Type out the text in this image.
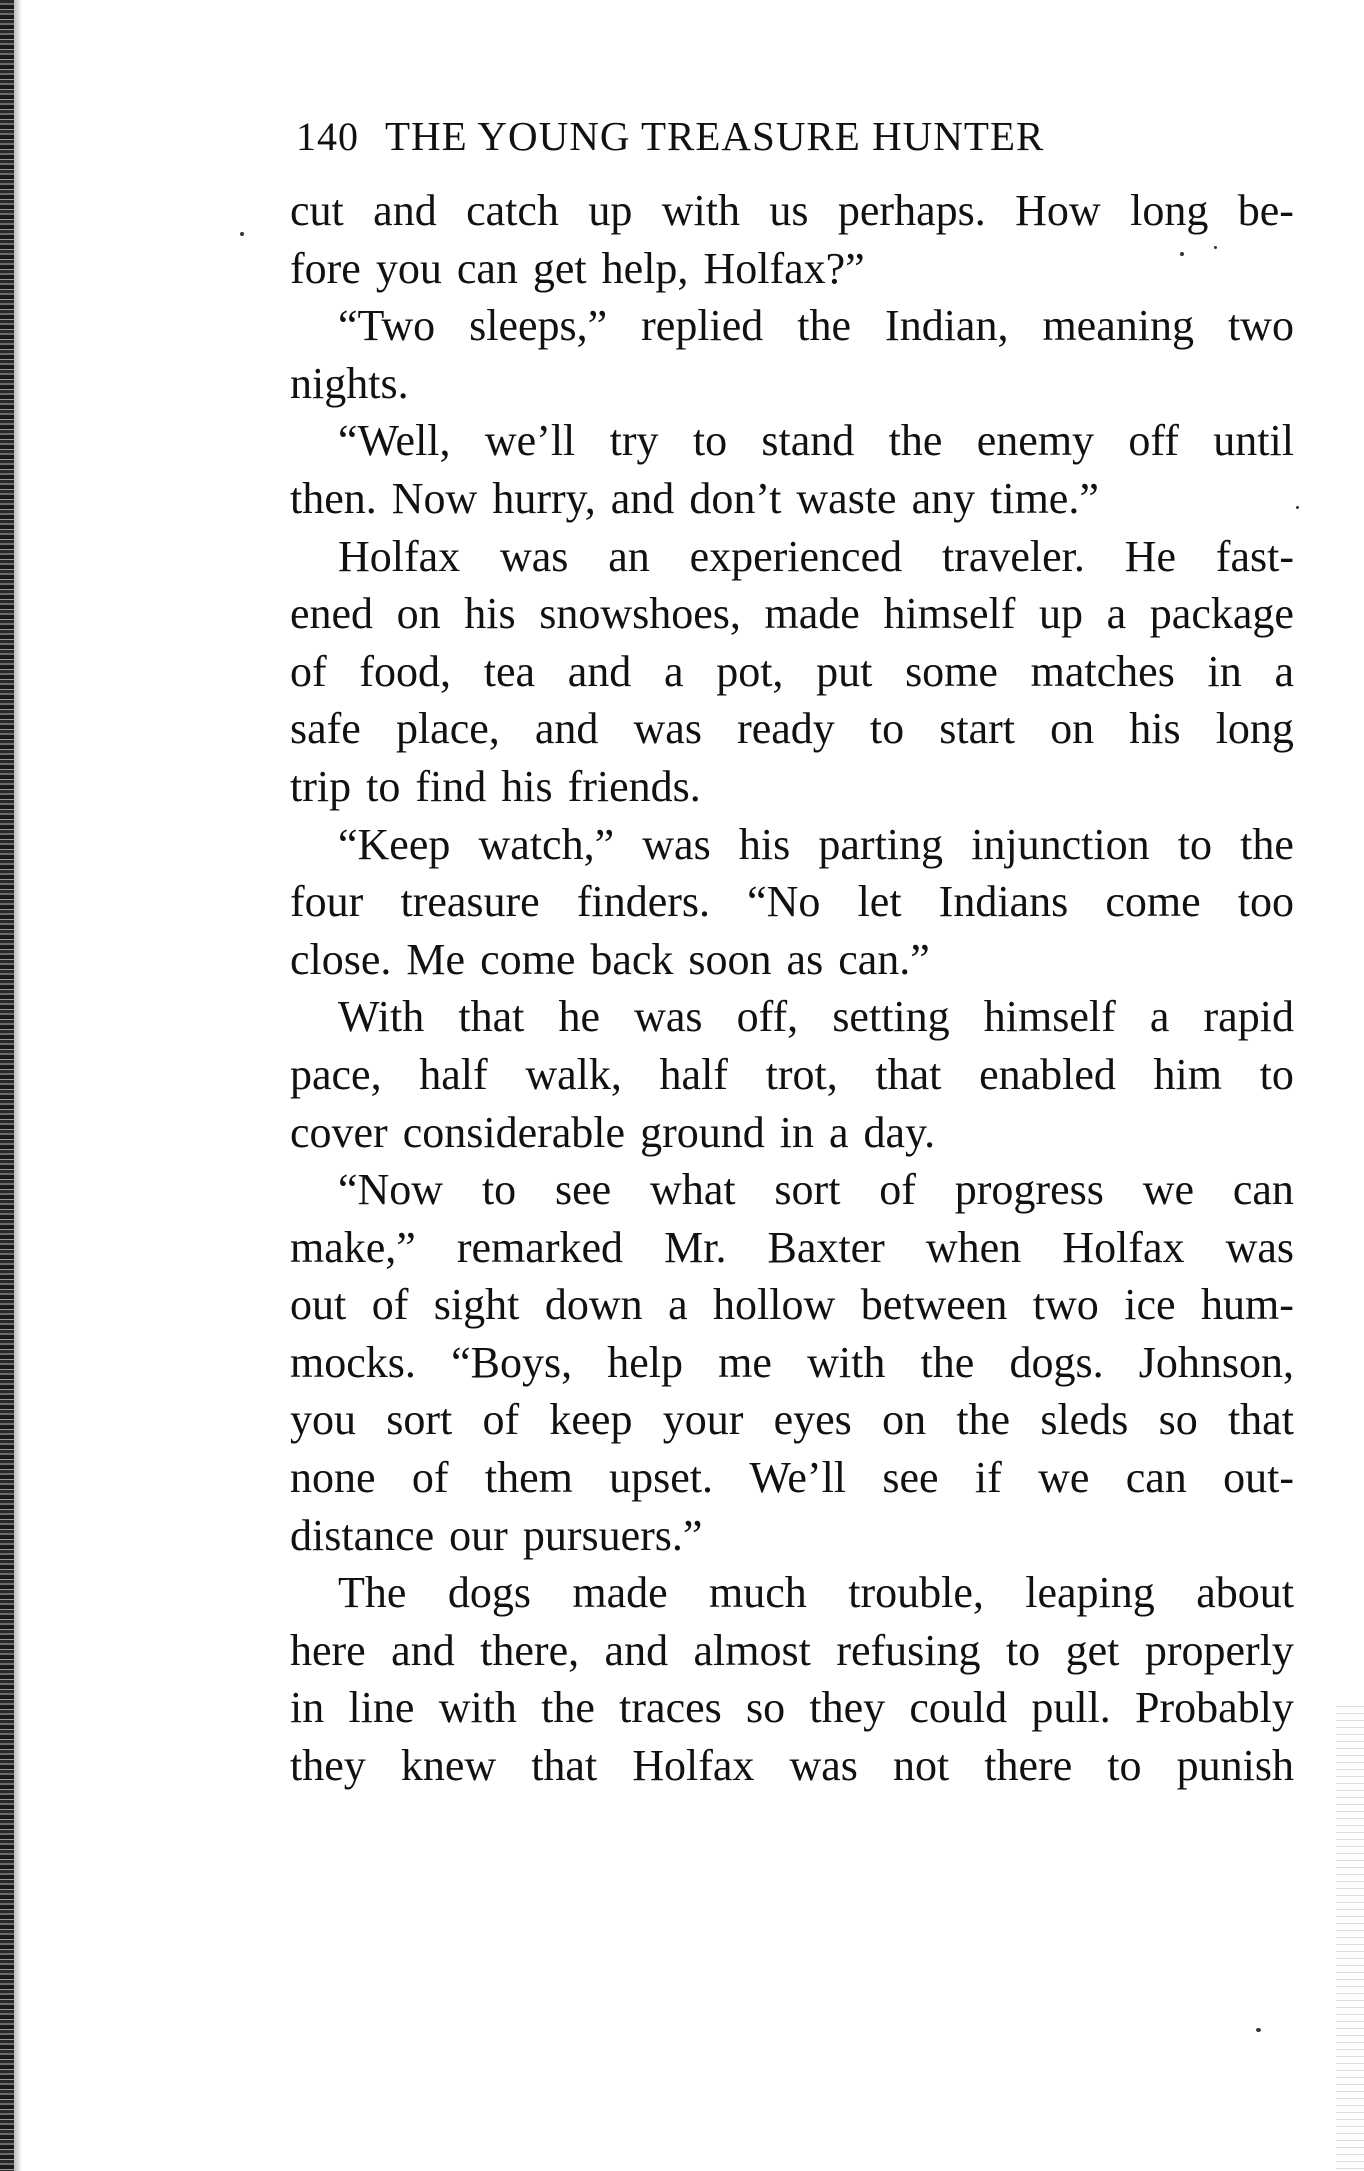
140 THE YOUNG TREASURE HUNTER
cut and catch up with us perhaps. How long be-
fore you can get help, Holfax?”
“Two sleeps,” replied the Indian, meaning two
nights.
“Well, we’ll try to stand the enemy off until
then. Now hurry, and don’t waste any time.”
Holfax was an experienced traveler. He fast-
ened on his snowshoes, made himself up a package
of food, tea and a pot, put some matches in a
safe place, and was ready to start on his long
trip to find his friends.
“Keep watch,” was his parting injunction to the
four treasure finders. “No let Indians come too
close. Me come back soon as can.”
With that he was off, setting himself a rapid
pace, half walk, half trot, that enabled him to
cover considerable ground in a day.
“Now to see what sort of progress we can
make,” remarked Mr. Baxter when Holfax was
out of sight down a hollow between two ice hum-
mocks. “Boys, help me with the dogs. Johnson,
you sort of keep your eyes on the sleds so that
none of them upset. We’ll see if we can out-
distance our pursuers.”
The dogs made much trouble, leaping about
here and there, and almost refusing to get properly
in line with the traces so they could pull. Probably
they knew that Holfax was not there to punish
